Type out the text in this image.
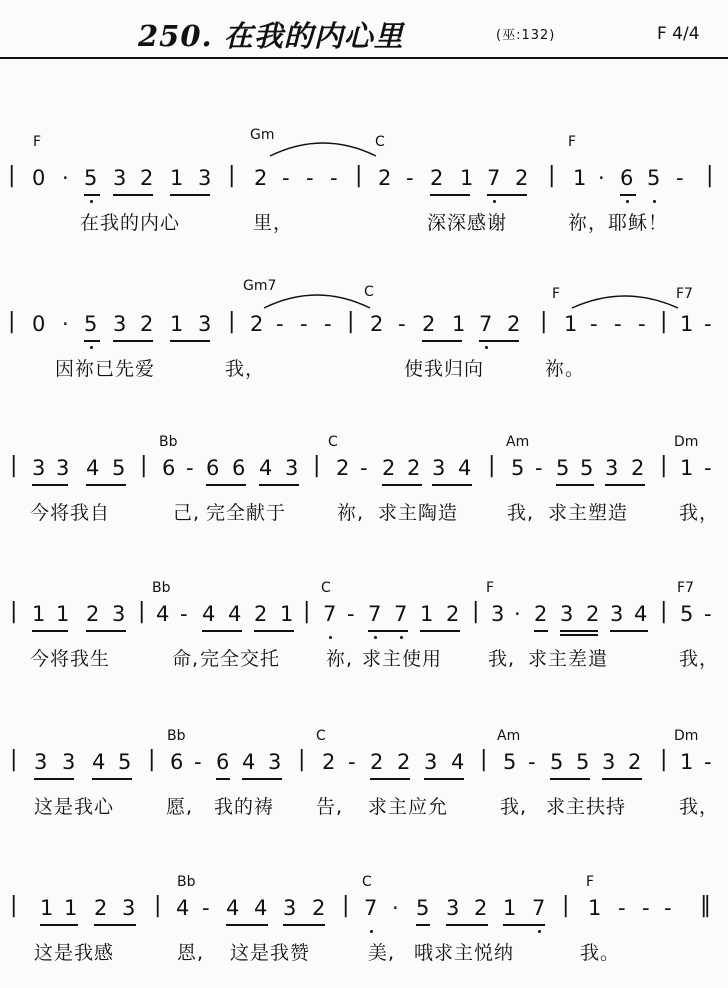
250. 在我的内心里	(巫:132)	F 4/4
F	Gm	C	F
| 0 · 5 3 2 1 3 | 2 - - - | 2 - 2 1 7 2 | 1 · 6 5 - |
在我的内心	里，	深深感谢	祢，耶稣！
Gm7	C	F	F7
| 0 · 5 3 2 1 3 | 2 - - - | 2 - 2 1 7 2 | 1 - - - | 1 -
因祢已先爱	我，	使我归向	祢。
Bb	C	Am	Dm
| 3 3 4 5 | 6 - 6 6 4 3 | 2 - 2 2 3 4 | 5 - 5 5 3 2 | 1 -
今将我自	己, 完全献于	祢, 求主陶造	我, 求主塑造	我，
Bb	C	F	F7
| 1 1 2 3 | 4 - 4 4 2 1 | 7 - 7 7 1 2 | 3 · 2 3 2 3 4 | 5 -
今将我生	命, 完全交托 祢, 求主使用 我, 求主差遣	我，
Bb	C	Am	Dm
| 3 3 4 5 | 6 - 6 4 3 | 2 - 2 2 3 4 | 5 - 5 5 3 2 | 1 -
这是我心	愿, 我的祷 告, 求主应允	我, 求主扶持	我，
Bb	C	F
| 1 1 2 3 | 4 - 4 4 3 2 | 7 · 5 3 2 1 7 | 1 - - - ‖
这是我感	恩, 这是我赞	美, 哦求主悦纳	我。
